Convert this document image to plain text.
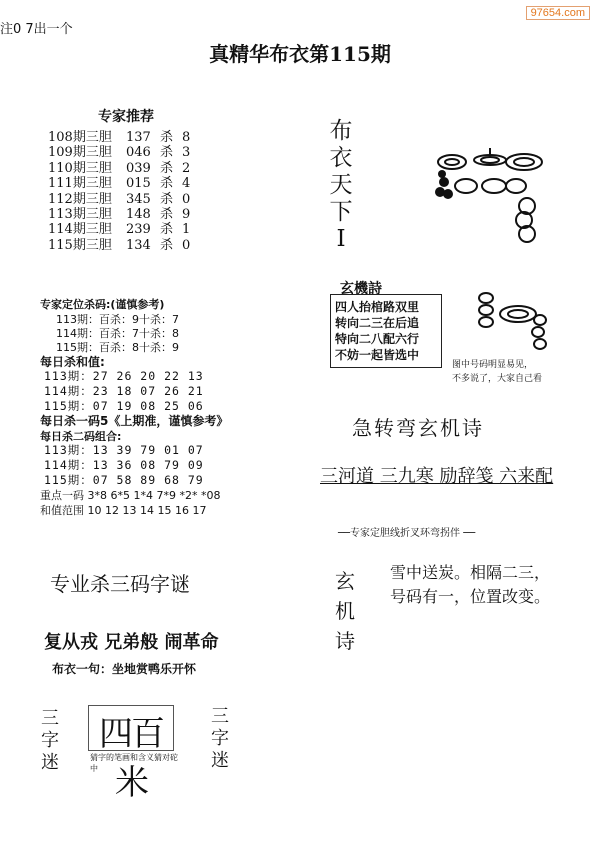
97654.com
注0 7出一个
真精华布衣第115期
专家推荐
108期三胆 137 杀 8
109期三胆 046 杀 3
110期三胆 039 杀 2
111期三胆 015 杀 4
112期三胆 345 杀 0
113期三胆 148 杀 9
114期三胆 239 杀 1
115期三胆 134 杀 0
专家定位杀码:(谨慎参考)
113期：百杀：9十杀：7
114期：百杀：7十杀：8
115期：百杀：8十杀：9
每日杀和值:
113期：27 26 20 22 13
114期：23 18 07 26 21
115期：07 19 08 25 06
每日杀一码5《上期准，谨慎参考》
每日杀二码组合:
113期：13 39 79 01 07
114期：13 36 08 79 09
115期：07 58 89 68 79
重点一码 3*8 6*5 1*4 7*9 *2* *08
和值范围 10 12 13 14 15 16 17
专业杀三码字谜
复从戎 兄弟般 闹革命
布衣一句：坐地赏鸭乐开怀
三
字
迷
四百米
三
字
迷
猜字的笔画和含义猜对砣中
布
衣
天
下
Ⅰ
玄機詩
四人抬棺路双里
转向二三在后追
特向二八配六行
不妨一起皆选中
图中号码明显易见，
不多说了，大家自己看
急转弯玄机诗
三河道 三九寒 励辞笺 六来配
──专家定胆线折叉环弯拐伴 ──
玄
机
诗
雪中送炭。相隔二三，
号码有一，位置改变。
